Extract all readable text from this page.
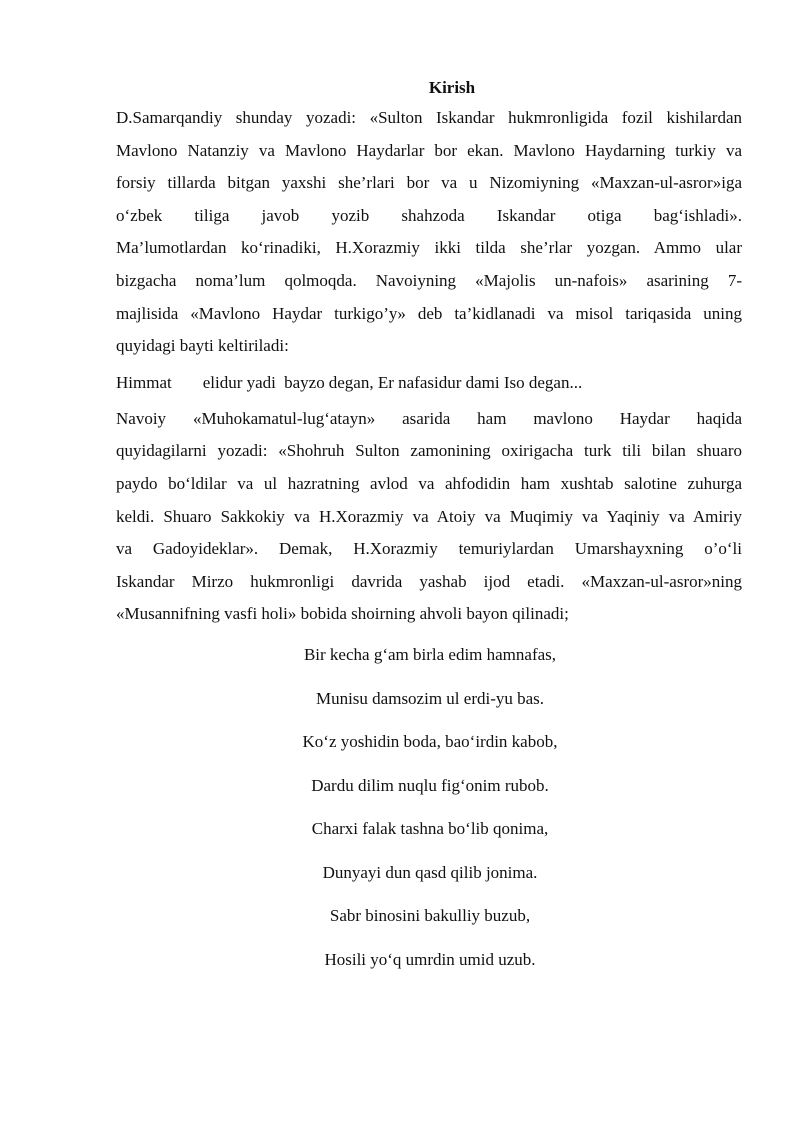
Kirish

D.Samarqandiy shunday yozadi: «Sulton Iskandar hukmronligida fozil kishilardan
Mavlono Natanziy va Mavlono Haydarlar bor ekan. Mavlono Haydarning turkiy va
forsiy tillarda bitgan yaxshi she’rlari bor va u Nizomiyning «Maxzan-ul-asror»iga
o‘zbek tiliga javob yozib shahzoda Iskandar otiga bag‘ishladi».
Ma’lumotlardan ko‘rinadiki, H.Xorazmiy ikki tilda she’rlar yozgan. Ammo ular
bizgacha noma’lum qolmoqda. Navoiyning «Majolis un-nafois» asarining 7-
majlisida «Mavlono Haydar turkigo’y» deb ta’kidlanadi va misol tariqasida uning
quyidagi bayti keltiriladi:

Himmat elidur yadi bayzo degan, Er nafasidur dami Iso degan...

Navoiy «Muhokamatul-lug‘atayn» asarida ham mavlono Haydar haqida
quyidagilarni yozadi: «Shohruh Sulton zamonining oxirigacha turk tili bilan shuaro
paydo bo‘ldilar va ul hazratning avlod va ahfodidin ham xushtab salotine zuhurga
keldi. Shuaro Sakkokiy va H.Xorazmiy va Atoiy va Muqimiy va Yaqiniy va Amiriy
va Gadoyideklar». Demak, H.Xorazmiy temuriylardan Umarshayxning o’o‘li
Iskandar Mirzo hukmronligi davrida yashab ijod etadi. «Maxzan-ul-asror»ning
«Musannifning vasfi holi» bobida shoirning ahvoli bayon qilinadi;

Bir kecha g‘am birla edim hamnafas,
Munisu damsozim ul erdi-yu bas.
Ko‘z yoshidin boda, bao‘irdin kabob,
Dardu dilim nuqlu fig‘onim rubob.
Charxi falak tashna bo‘lib qonima,
Dunyayi dun qasd qilib jonima.
Sabr binosini bakulliy buzub,
Hosili yo‘q umrdin umid uzub.
